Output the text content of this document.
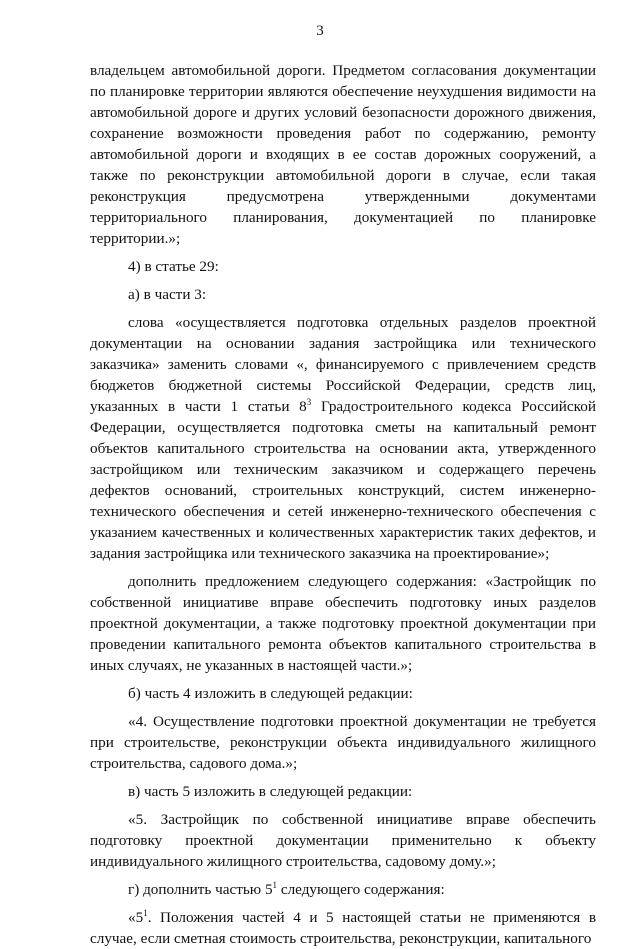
3

владельцем автомобильной дороги. Предметом согласования документации по планировке территории являются обеспечение неухудшения видимости на автомобильной дороге и других условий безопасности дорожного движения, сохранение возможности проведения работ по содержанию, ремонту автомобильной дороги и входящих в ее состав дорожных сооружений, а также по реконструкции автомобильной дороги в случае, если такая реконструкция предусмотрена утвержденными документами территориального планирования, документацией по планировке территории.»;

4) в статье 29:

а) в части 3:

слова «осуществляется подготовка отдельных разделов проектной документации на основании задания застройщика или технического заказчика» заменить словами «, финансируемого с привлечением средств бюджетов бюджетной системы Российской Федерации, средств лиц, указанных в части 1 статьи $8^3$ Градостроительного кодекса Российской Федерации, осуществляется подготовка сметы на капитальный ремонт объектов капитального строительства на основании акта, утвержденного застройщиком или техническим заказчиком и содержащего перечень дефектов оснований, строительных конструкций, систем инженерно-технического обеспечения и сетей инженерно-технического обеспечения с указанием качественных и количественных характеристик таких дефектов, и задания застройщика или технического заказчика на проектирование»;

дополнить предложением следующего содержания: «Застройщик по собственной инициативе вправе обеспечить подготовку иных разделов проектной документации, а также подготовку проектной документации при проведении капитального ремонта объектов капитального строительства в иных случаях, не указанных в настоящей части.»;

б) часть 4 изложить в следующей редакции:

«4. Осуществление подготовки проектной документации не требуется при строительстве, реконструкции объекта индивидуального жилищного строительства, садового дома.»;

в) часть 5 изложить в следующей редакции:

«5. Застройщик по собственной инициативе вправе обеспечить подготовку проектной документации применительно к объекту индивидуального жилищного строительства, садовому дому.»;

г) дополнить частью $5^1$ следующего содержания:

«$5^1$. Положения частей 4 и 5 настоящей статьи не применяются в случае, если сметная стоимость строительства, реконструкции, капитального
